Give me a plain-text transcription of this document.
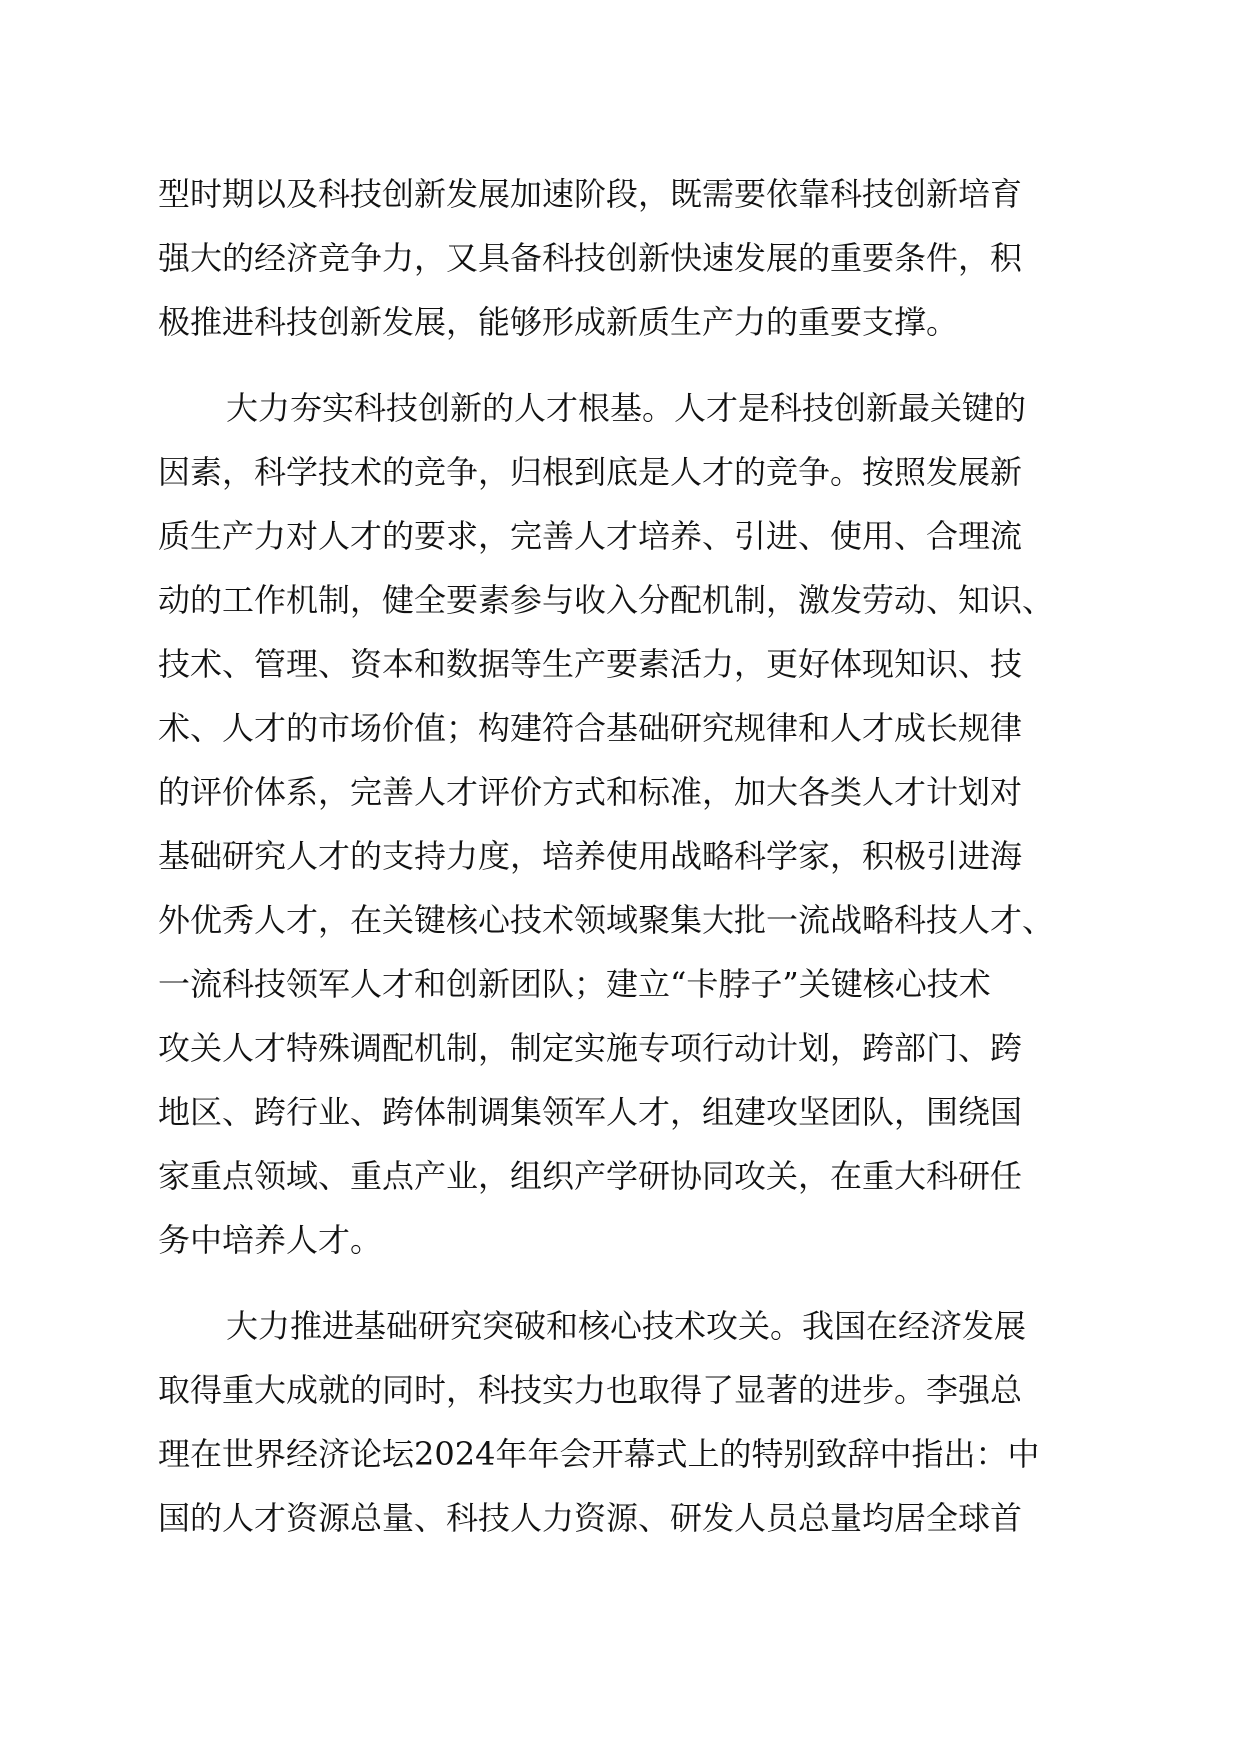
型时期以及科技创新发展加速阶段，既需要依靠科技创新培育
强大的经济竞争力，又具备科技创新快速发展的重要条件，积
极推进科技创新发展，能够形成新质生产力的重要支撑。
大力夯实科技创新的人才根基。人才是科技创新最关键的
因素，科学技术的竞争，归根到底是人才的竞争。按照发展新
质生产力对人才的要求，完善人才培养、引进、使用、合理流
动的工作机制，健全要素参与收入分配机制，激发劳动、知识、
技术、管理、资本和数据等生产要素活力，更好体现知识、技
术、人才的市场价值；构建符合基础研究规律和人才成长规律
的评价体系，完善人才评价方式和标准，加大各类人才计划对
基础研究人才的支持力度，培养使用战略科学家，积极引进海
外优秀人才，在关键核心技术领域聚集大批一流战略科技人才、
一流科技领军人才和创新团队；建立“卡脖子”关键核心技术
攻关人才特殊调配机制，制定实施专项行动计划，跨部门、跨
地区、跨行业、跨体制调集领军人才，组建攻坚团队，围绕国
家重点领域、重点产业，组织产学研协同攻关，在重大科研任
务中培养人才。
大力推进基础研究突破和核心技术攻关。我国在经济发展
取得重大成就的同时，科技实力也取得了显著的进步。李强总
理在世界经济论坛2024年年会开幕式上的特别致辞中指出：中
国的人才资源总量、科技人力资源、研发人员总量均居全球首
